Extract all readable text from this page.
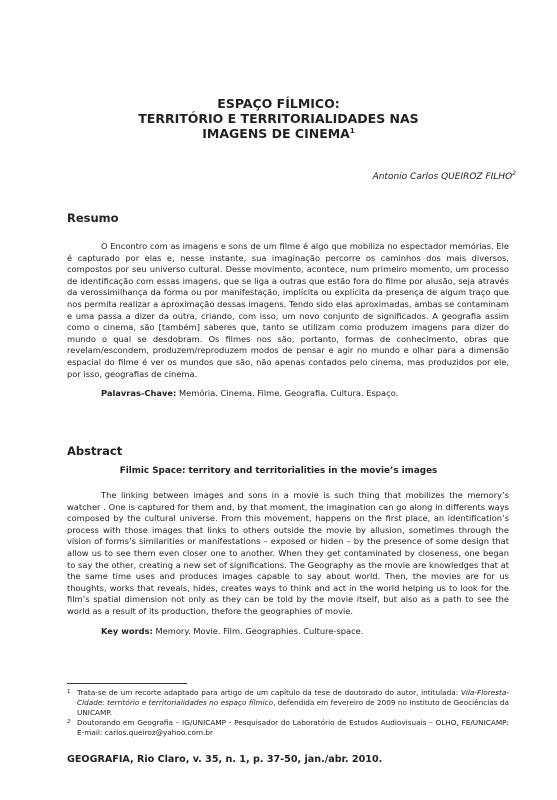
ESPAÇO FÍLMICO:
TERRITÓRIO E TERRITORIALIDADES NAS
IMAGENS DE CINEMA$^1$
Antonio Carlos QUEIROZ FILHO$^2$
Resumo

O Encontro com as imagens e sons de um filme é algo que mobiliza no espectador memórias. Ele é capturado por elas e, nesse instante, sua imaginação percorre os caminhos dos mais diversos, compostos por seu universo cultural. Desse movimento, acontece, num primeiro momento, um processo de identificação com essas imagens, que se liga a outras que estão fora do filme por alusão, seja através da verossimilhança da forma ou por manifestação, implícita ou explícita da presença de algum traço que nos permita realizar a aproximação dessas imagens. Tendo sido elas aproximadas, ambas se contaminam e uma passa a dizer da outra, criando, com isso, um novo conjunto de significados. A geografia assim como o cinema, são [também] saberes que, tanto se utilizam como produzem imagens para dizer do mundo o qual se desdobram. Os filmes nos são, portanto, formas de conhecimento, obras que revelam/escondem, produzem/reproduzem modos de pensar e agir no mundo e olhar para a dimensão espacial do filme é ver os mundos que são, não apenas contados pelo cinema, mas produzidos por ele, por isso, geografias de cinema.

Palavras-Chave: Memória. Cinema. Filme. Geografia. Cultura. Espaço.
Abstract
Filmic Space: territory and territorialities in the movie’s images

The linking between images and sons in a movie is such thing that mobilizes the memory’s watcher . One is captured for them and, by that moment, the imagination can go along in differents ways composed by the cultural universe. From this movement, happens on the first place, an identification’s process with those images that links to others outside the movie by allusion, sometimes through the vision of forms’s similarities or manifestations – exposed or hiden – by the presence of some design that allow us to see them even closer one to another. When they get contaminated by closeness, one began to say the other, creating a new set of significations. The Geography as the movie are knowledges that at the same time uses and produces images capable to say about world. Then, the movies are for us thoughts, works that reveals, hides, creates ways to think and act in the world helping us to look for the film’s spatial dimension not only as they can be told by the movie itself, but also as a path to see the world as a result of its production, thefore the geographies of movie.

Key words: Memory. Movie. Film. Geographies. Culture-space.
1 Trata-se de um recorte adaptado para artigo de um capítulo da tese de doutorado do autor, intitulada: Vila-Floresta-Cidade: território e territorialidades no espaço fílmico, defendida em fevereiro de 2009 no Instituto de Geociências da UNICAMP.
2 Doutorando em Geografia – IG/UNICAMP - Pesquisador do Laboratório de Estudos Audiovisuais – OLHO, FE/UNICAMP: E-mail: carlos.queiroz@yahoo.com.br
GEOGRAFIA, Rio Claro, v. 35, n. 1, p. 37-50, jan./abr. 2010.
